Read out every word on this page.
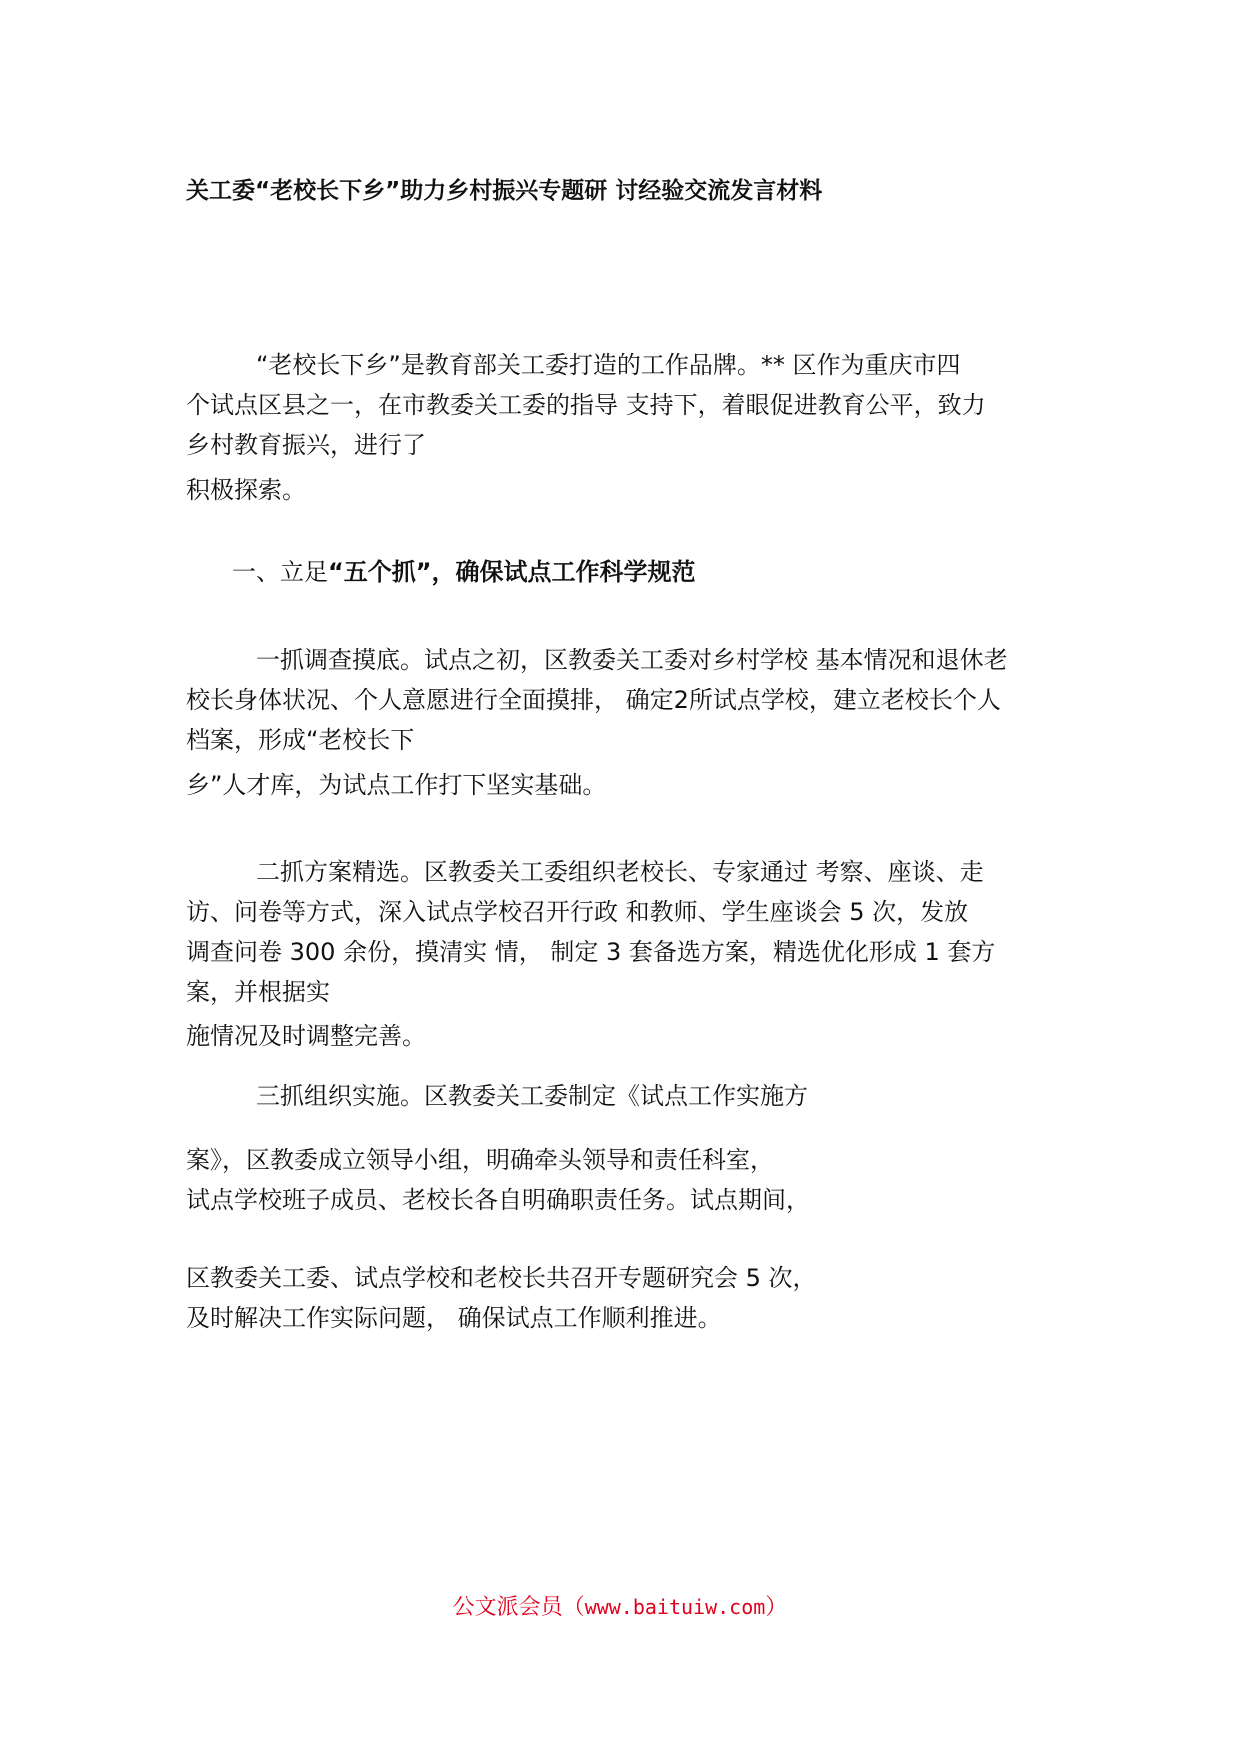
关工委“老校长下乡”助力乡村振兴专题研 讨经验交流发言材料
“老校长下乡”是教育部关工委打造的工作品牌。** 区作为重庆市四
个试点区县之一，在市教委关工委的指导 支持下，着眼促进教育公平，致力
乡村教育振兴，进行了
积极探索。
一、立足“五个抓”，确保试点工作科学规范
一抓调查摸底。试点之初，区教委关工委对乡村学校 基本情况和退休老
校长身体状况、个人意愿进行全面摸排， 确定2所试点学校，建立老校长个人
档案，形成“老校长下
乡”人才库，为试点工作打下坚实基础。
二抓方案精选。区教委关工委组织老校长、专家通过 考察、座谈、走
访、问卷等方式，深入试点学校召开行政 和教师、学生座谈会 5 次，发放
调查问卷 300 余份，摸清实 情， 制定 3 套备选方案，精选优化形成 1 套方
案，并根据实
施情况及时调整完善。
三抓组织实施。区教委关工委制定《试点工作实施方
案》，区教委成立领导小组，明确牵头领导和责任科室，
试点学校班子成员、老校长各自明确职责任务。试点期间，
区教委关工委、试点学校和老校长共召开专题研究会 5 次，
及时解决工作实际问题， 确保试点工作顺利推进。
公文派会员（www.baituiw.com）
